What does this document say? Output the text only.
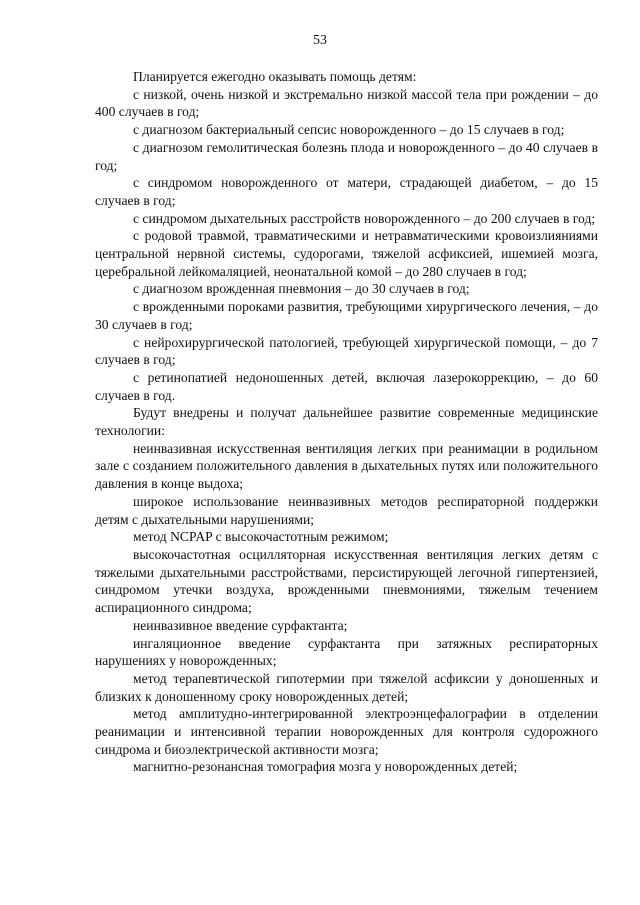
53

Планируется ежегодно оказывать помощь детям:

с низкой, очень низкой и экстремально низкой массой тела при рождении – до 400 случаев в год;

с диагнозом бактериальный сепсис новорожденного – до 15 случаев в год;

с диагнозом гемолитическая болезнь плода и новорожденного – до 40 случаев в год;

с синдромом новорожденного от матери, страдающей диабетом, – до 15 случаев в год;

с синдромом дыхательных расстройств новорожденного – до 200 случаев в год;

с родовой травмой, травматическими и нетравматическими кровоизлияниями центральной нервной системы, судорогами, тяжелой асфиксией, ишемией мозга, церебральной лейкомаляцией, неонатальной комой – до 280 случаев в год;

с диагнозом врожденная пневмония – до 30 случаев в год;

с врожденными пороками развития, требующими хирургического лечения, – до 30 случаев в год;

с нейрохирургической патологией, требующей хирургической помощи, – до 7 случаев в год;

с ретинопатией недоношенных детей, включая лазерокоррекцию, – до 60 случаев в год.

Будут внедрены и получат дальнейшее развитие современные медицинские технологии:

неинвазивная искусственная вентиляция легких при реанимации в родильном зале с созданием положительного давления в дыхательных путях или положительного давления в конце выдоха;

широкое использование неинвазивных методов респираторной поддержки детям с дыхательными нарушениями;

метод NCPAP с высокочастотным режимом;

высокочастотная осцилляторная искусственная вентиляция легких детям с тяжелыми дыхательными расстройствами, персистирующей легочной гипертензией, синдромом утечки воздуха, врожденными пневмониями, тяжелым течением аспирационного синдрома;

неинвазивное введение сурфактанта;

ингаляционное введение сурфактанта при затяжных респираторных нарушениях у новорожденных;

метод терапевтической гипотермии при тяжелой асфиксии у доношенных и близких к доношенному сроку новорожденных детей;

метод амплитудно-интегрированной электроэнцефалографии в отделении реанимации и интенсивной терапии новорожденных для контроля судорожного синдрома и биоэлектрической активности мозга;

магнитно-резонансная томография мозга у новорожденных детей;
